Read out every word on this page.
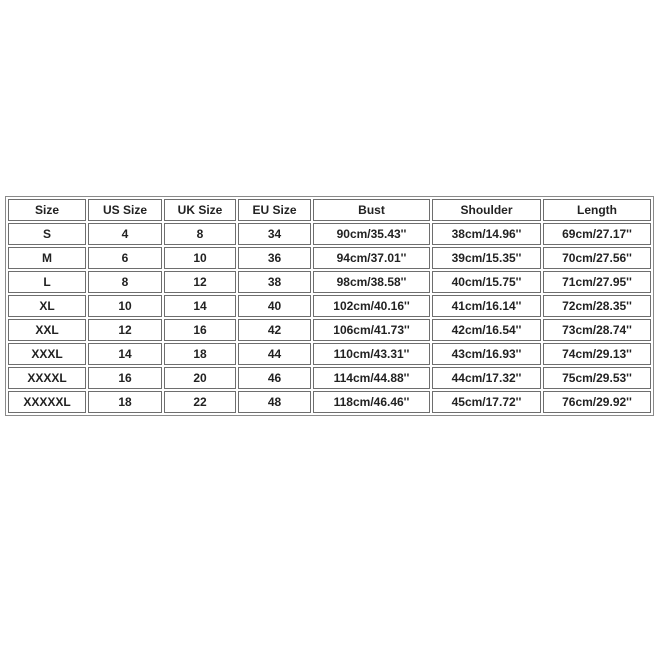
Size	US Size	UK Size	EU Size	Bust	Shoulder	Length
S	4	8	34	90cm/35.43''	38cm/14.96''	69cm/27.17''
M	6	10	36	94cm/37.01''	39cm/15.35''	70cm/27.56''
L	8	12	38	98cm/38.58''	40cm/15.75''	71cm/27.95''
XL	10	14	40	102cm/40.16''	41cm/16.14''	72cm/28.35''
XXL	12	16	42	106cm/41.73''	42cm/16.54''	73cm/28.74''
XXXL	14	18	44	110cm/43.31''	43cm/16.93''	74cm/29.13''
XXXXL	16	20	46	114cm/44.88''	44cm/17.32''	75cm/29.53''
XXXXXL	18	22	48	118cm/46.46''	45cm/17.72''	76cm/29.92''
